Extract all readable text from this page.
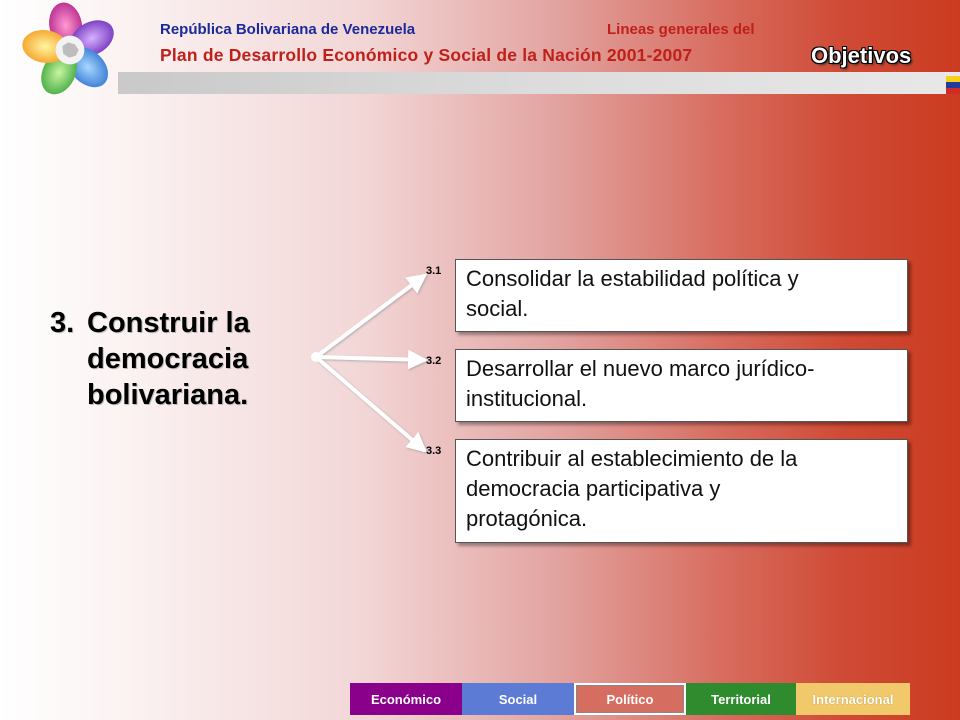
República Bolivariana de Venezuela	Lineas generales del
Plan de Desarrollo Económico y Social de la Nación 2001-2007	Objetivos
3. Construir la
democracia
bolivariana.
3.1 Consolidar la estabilidad política y
social.
3.2 Desarrollar el nuevo marco jurídico-
institucional.
3.3 Contribuir al establecimiento de la
democracia participativa y
protagónica.
Económico	Social	Político	Territorial	Internacional
